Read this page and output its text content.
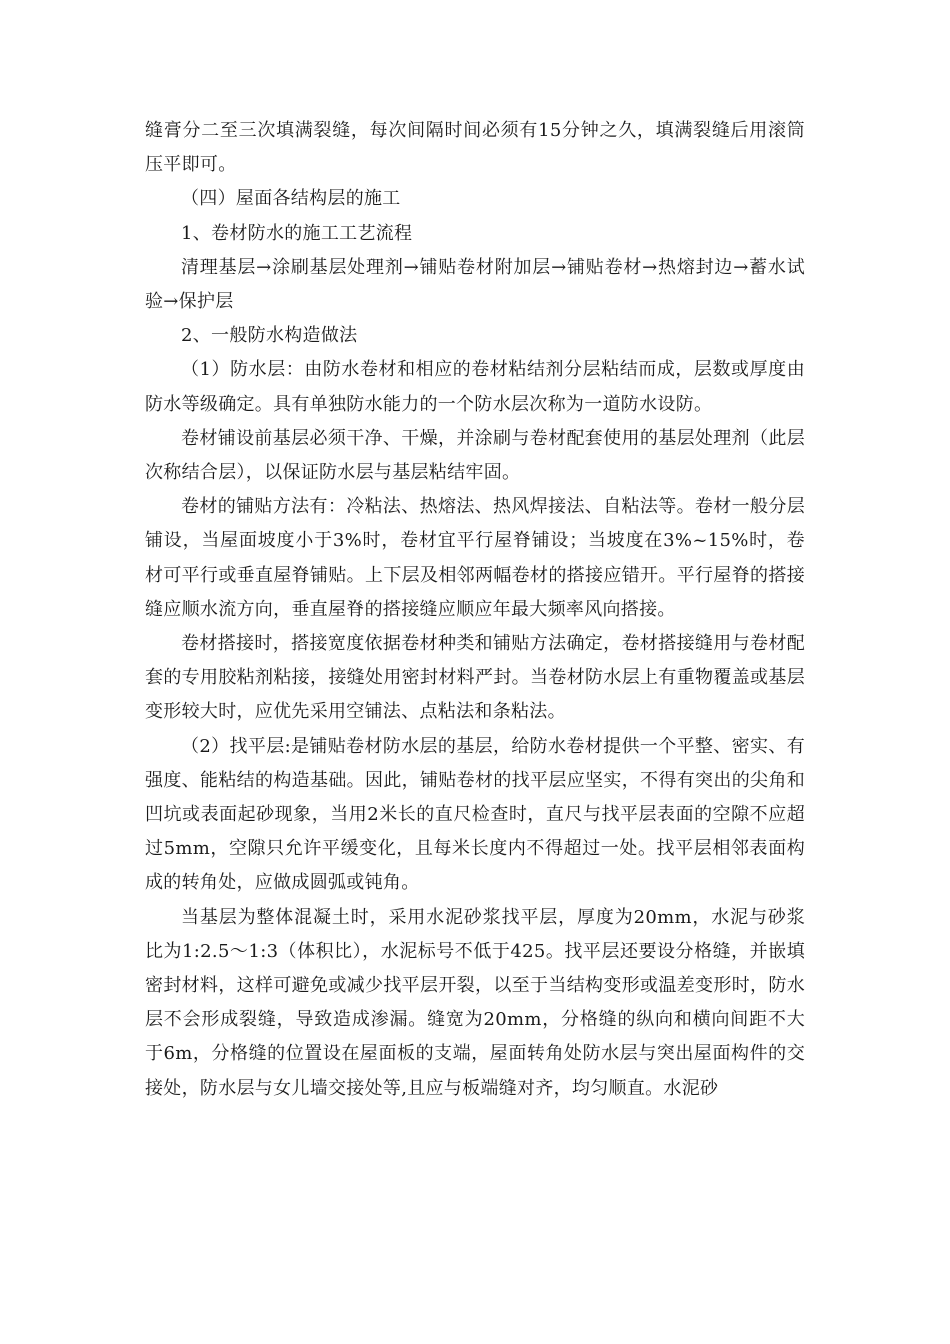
缝膏分二至三次填满裂缝，每次间隔时间必须有15分钟之久，填满裂缝后用滚筒压平即可。

（四）屋面各结构层的施工

1、卷材防水的施工工艺流程

清理基层→涂刷基层处理剂→铺贴卷材附加层→铺贴卷材→热熔封边→蓄水试验→保护层

2、一般防水构造做法

（1）防水层：由防水卷材和相应的卷材粘结剂分层粘结而成，层数或厚度由防水等级确定。具有单独防水能力的一个防水层次称为一道防水设防。

卷材铺设前基层必须干净、干燥，并涂刷与卷材配套使用的基层处理剂（此层次称结合层），以保证防水层与基层粘结牢固。

卷材的铺贴方法有：冷粘法、热熔法、热风焊接法、自粘法等。卷材一般分层铺设，当屋面坡度小于3%时，卷材宜平行屋脊铺设；当坡度在3%~15%时，卷材可平行或垂直屋脊铺贴。上下层及相邻两幅卷材的搭接应错开。平行屋脊的搭接缝应顺水流方向，垂直屋脊的搭接缝应顺应年最大频率风向搭接。

卷材搭接时，搭接宽度依据卷材种类和铺贴方法确定，卷材搭接缝用与卷材配套的专用胶粘剂粘接，接缝处用密封材料严封。当卷材防水层上有重物覆盖或基层变形较大时，应优先采用空铺法、点粘法和条粘法。

（2）找平层:是铺贴卷材防水层的基层，给防水卷材提供一个平整、密实、有强度、能粘结的构造基础。因此，铺贴卷材的找平层应坚实，不得有突出的尖角和凹坑或表面起砂现象，当用2米长的直尺检查时，直尺与找平层表面的空隙不应超过5mm，空隙只允许平缓变化，且每米长度内不得超过一处。找平层相邻表面构成的转角处，应做成圆弧或钝角。

当基层为整体混凝土时，采用水泥砂浆找平层，厚度为20mm，水泥与砂浆比为1:2.5～1:3（体积比），水泥标号不低于425。找平层还要设分格缝，并嵌填密封材料，这样可避免或减少找平层开裂，以至于当结构变形或温差变形时，防水层不会形成裂缝，导致造成渗漏。缝宽为20mm，分格缝的纵向和横向间距不大于6m，分格缝的位置设在屋面板的支端，屋面转角处防水层与突出屋面构件的交接处，防水层与女儿墙交接处等,且应与板端缝对齐，均匀顺直。水泥砂
